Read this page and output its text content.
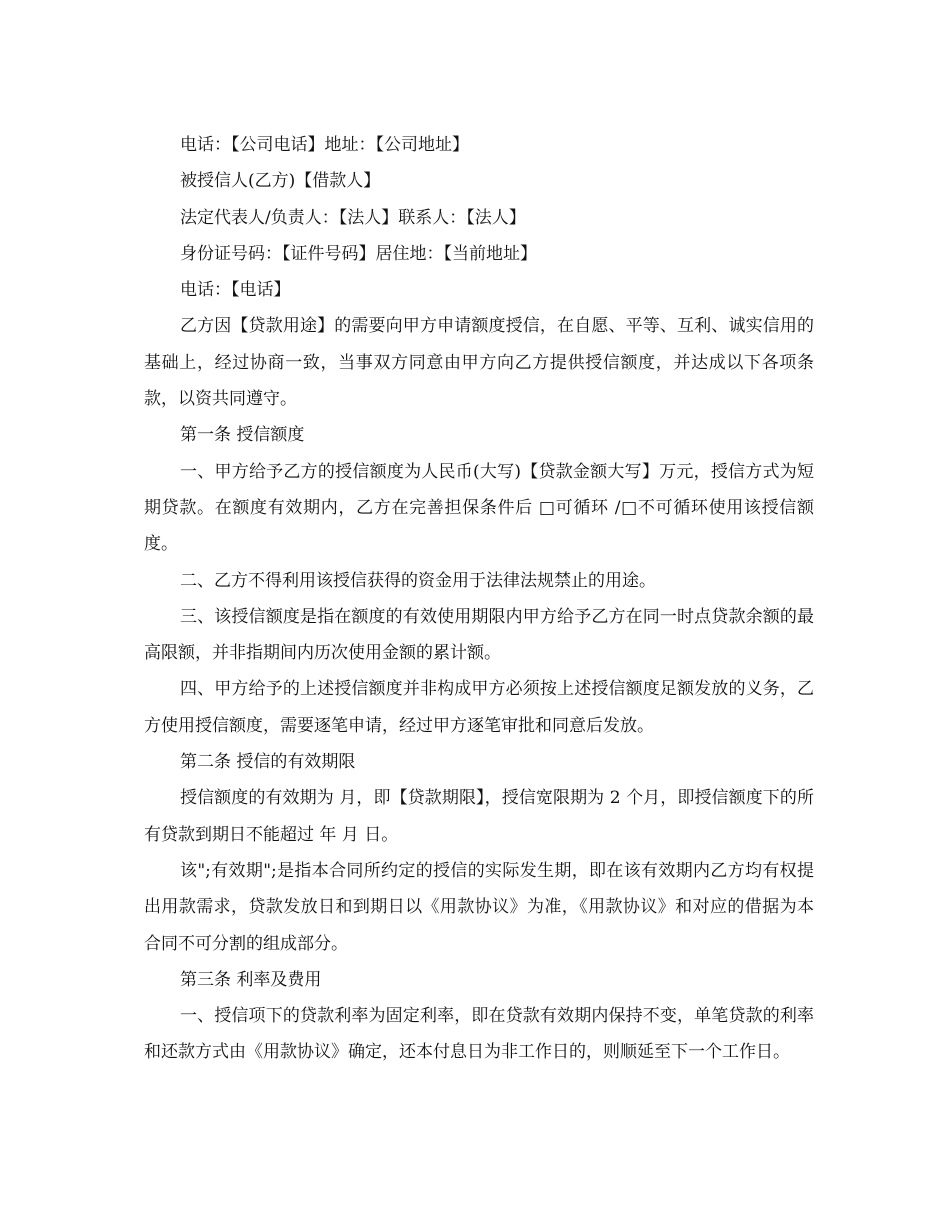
电话：【公司电话】地址：【公司地址】

被授信人(乙方)【借款人】

法定代表人/负责人：【法人】联系人：【法人】

身份证号码：【证件号码】居住地：【当前地址】

电话：【电话】

乙方因【贷款用途】的需要向甲方申请额度授信，在自愿、平等、互利、诚实信用的基础上，经过协商一致，当事双方同意由甲方向乙方提供授信额度，并达成以下各项条款，以资共同遵守。

第一条 授信额度

一、甲方给予乙方的授信额度为人民币(大写)【贷款金额大写】万元，授信方式为短期贷款。在额度有效期内，乙方在完善担保条件后 □可循环 /□不可循环使用该授信额度。

二、乙方不得利用该授信获得的资金用于法律法规禁止的用途。

三、该授信额度是指在额度的有效使用期限内甲方给予乙方在同一时点贷款余额的最高限额，并非指期间内历次使用金额的累计额。

四、甲方给予的上述授信额度并非构成甲方必须按上述授信额度足额发放的义务，乙方使用授信额度，需要逐笔申请，经过甲方逐笔审批和同意后发放。

第二条 授信的有效期限

授信额度的有效期为 月，即【贷款期限】，授信宽限期为 2 个月，即授信额度下的所有贷款到期日不能超过 年 月 日。

该";有效期";是指本合同所约定的授信的实际发生期，即在该有效期内乙方均有权提出用款需求，贷款发放日和到期日以《用款协议》为准，《用款协议》和对应的借据为本合同不可分割的组成部分。

第三条 利率及费用

一、授信项下的贷款利率为固定利率，即在贷款有效期内保持不变，单笔贷款的利率和还款方式由《用款协议》确定，还本付息日为非工作日的，则顺延至下一个工作日。
